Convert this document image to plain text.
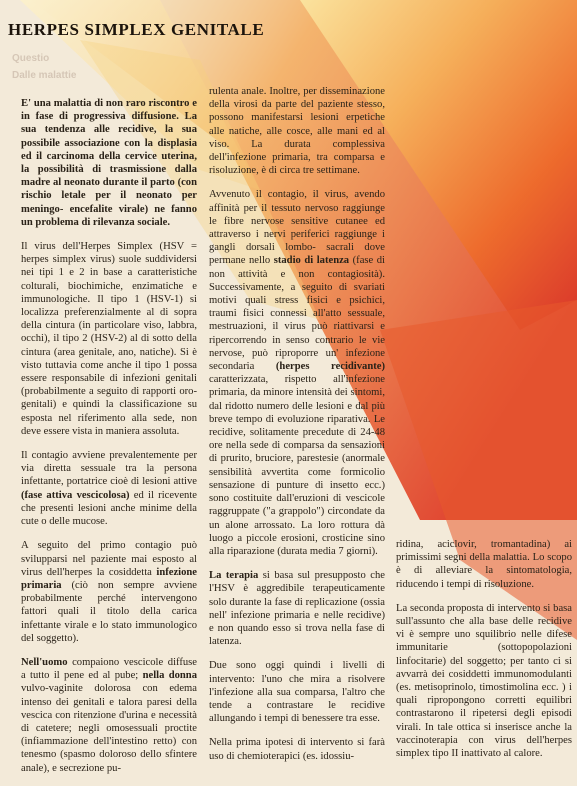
HERPES SIMPLEX GENITALE
Questio
Dalle malattie

E' una malattia di non raro riscontro e in fase di progressiva diffusione. La sua tendenza alle recidive, la sua possibile associazione con la displasia ed il carcinoma della cervice uterina, la possibilità di trasmissione dalla madre al neonato durante il parto (con rischio letale per il neonato per meningo- encefalite virale) ne fanno un problema di rilevanza sociale.

Il virus dell'Herpes Simplex (HSV = herpes simplex virus) suole suddividersi nei tipi 1 e 2 in base a caratteristiche colturali, biochimiche, enzimatiche e immunologiche. Il tipo 1 (HSV-1) si localizza preferenzialmente al di sopra della cintura (in particolare viso, labbra, occhi), il tipo 2 (HSV-2) al di sotto della cintura (area genitale, ano, natiche). Si è visto tuttavia come anche il tipo 1 possa essere responsabile di infezioni genitali (probabilmente a seguito di rapporti oro-genitali) e quindi la classificazione su esposta nel riferimento alla sede, non deve essere vista in maniera assoluta.

Il contagio avviene prevalentemente per via diretta sessuale tra la persona infettante, portatrice cioè di lesioni attive (fase attiva vescicolosa) ed il ricevente che presenti lesioni anche minime della cute o delle mucose.

A seguito del primo contagio può svilupparsi nel paziente mai esposto al virus dell'herpes la cosiddetta infezione primaria (ciò non sempre avviene probabilmente perché intervengono fattori quali il titolo della carica infettante virale e lo stato immunologico del soggetto).

Nell'uomo compaiono vescicole diffuse a tutto il pene ed al pube; nella donna vulvo-vaginite dolorosa con edema intenso dei genitali e talora paresi della vescica con ritenzione d'urina e necessità di catetere; negli omosessuali proctite (infiammazione dell'intestino retto) con tenesmo (spasmo doloroso dello sfintere anale), e secrezione pu-

rulenta anale. Inoltre, per disseminazione della virosi da parte del paziente stesso, possono manifestarsi lesioni erpetiche alle natiche, alle cosce, alle mani ed al viso. La durata complessiva dell'infezione primaria, tra comparsa e risoluzione, è di circa tre settimane.

Avvenuto il contagio, il virus, avendo affinità per il tessuto nervoso raggiunge le fibre nervose sensitive cutanee ed attraverso i nervi periferici raggiunge i gangli dorsali lombo- sacrali dove permane nello stadio di latenza (fase di non attività e non contagiosità). Successivamente, a seguito di svariati motivi quali stress fisici e psichici, traumi fisici connessi all'atto sessuale, mestruazioni, il virus può riattivarsi e ripercorrendo in senso contrario le vie nervose, può riproporre un' infezione secondaria (herpes recidivante) caratterizzata, rispetto all'infezione primaria, da minore intensità dei sintomi, dal ridotto numero delle lesioni e dal più breve tempo di evoluzione riparativa. Le recidive, solitamente precedute di 24-48 ore nella sede di comparsa da sensazioni di prurito, bruciore, parestesie (anormale sensibilità avvertita come formicolio sensazione di punture di insetto ecc.) sono costituite dall'eruzioni di vescicole raggruppate ("a grappolo") circondate da un alone arrossato. La loro rottura dà luogo a piccole erosioni, crosticine sino alla riparazione (durata media 7 giorni).

La terapia si basa sul presupposto che l'HSV è aggredibile terapeuticamente solo durante la fase di replicazione (ossia nell' infezione primaria e nelle recidive) e non quando esso si trova nella fase di latenza.

Due sono oggi quindi i livelli di intervento: l'uno che mira a risolvere l'infezione alla sua comparsa, l'altro che tende a contrastare le recidive allungando i tempi di benessere tra esse.

Nella prima ipotesi di intervento si farà uso di chemioterapici (es. idossiu-

ridina, aciclovir, tromantadina) ai primissimi segni della malattia. Lo scopo è di alleviare la sintomatologia, riducendo i tempi di risoluzione.

La seconda proposta di intervento si basa sull'assunto che alla base delle recidive vi è sempre uno squilibrio nelle difese immunitarie (sottopopolazioni linfocitarie) del soggetto; per tanto ci si avvarrà dei cosiddetti immunomodulanti (es. metisoprinolo, timostimolina ecc. ) i quali ripropongono corretti equilibri contrastarono il ripetersi degli episodi virali. In tale ottica si inserisce anche la vaccinoterapia con virus dell'herpes simplex tipo II inattivato al calore.
